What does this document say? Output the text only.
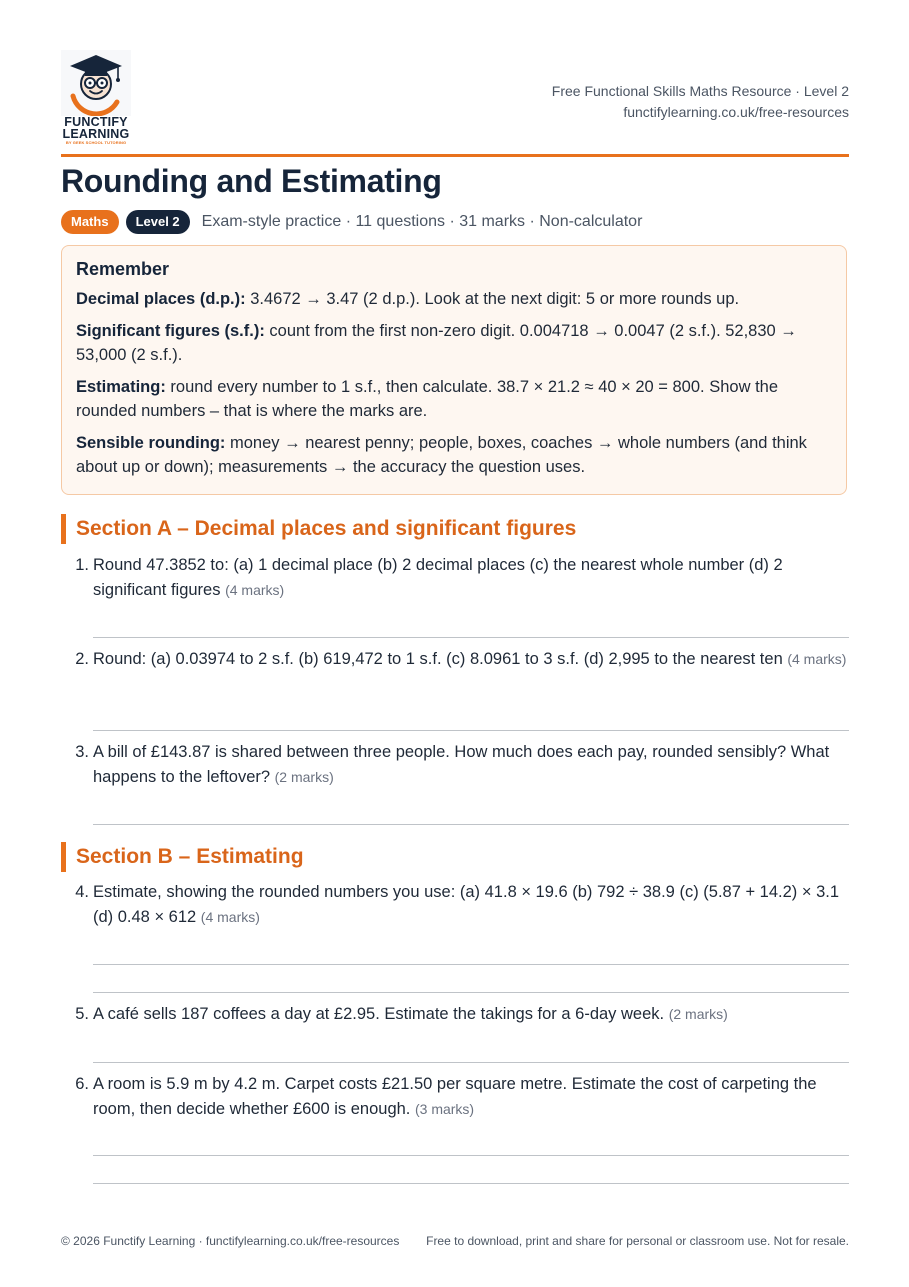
FUNCTIFY
LEARNING
BY GEEK SCHOOL TUTORING
Free Functional Skills Maths Resource · Level 2
functifylearning.co.uk/free-resources
Rounding and Estimating
Maths	Level 2	Exam-style practice · 11 questions · 31 marks · Non-calculator

Remember

Decimal places (d.p.): 3.4672 → 3.47 (2 d.p.). Look at the next digit: 5 or more rounds up.

Significant figures (s.f.): count from the first non-zero digit. 0.004718 → 0.0047 (2 s.f.). 52,830 → 53,000 (2 s.f.).

Estimating: round every number to 1 s.f., then calculate. 38.7 × 21.2 ≈ 40 × 20 = 800. Show the rounded numbers – that is where the marks are.

Sensible rounding: money → nearest penny; people, boxes, coaches → whole numbers (and think about up or down); measurements → the accuracy the question uses.

Section A – Decimal places and significant figures
1. Round 47.3852 to: (a) 1 decimal place (b) 2 decimal places (c) the nearest whole number (d) 2 significant figures (4 marks)
2. Round: (a) 0.03974 to 2 s.f. (b) 619,472 to 1 s.f. (c) 8.0961 to 3 s.f. (d) 2,995 to the nearest ten (4 marks)
3. A bill of £143.87 is shared between three people. How much does each pay, rounded sensibly? What happens to the leftover? (2 marks)
Section B – Estimating
4. Estimate, showing the rounded numbers you use: (a) 41.8 × 19.6 (b) 792 ÷ 38.9 (c) (5.87 + 14.2) × 3.1 (d) 0.48 × 612 (4 marks)
5. A café sells 187 coffees a day at £2.95. Estimate the takings for a 6-day week. (2 marks)
6. A room is 5.9 m by 4.2 m. Carpet costs £21.50 per square metre. Estimate the cost of carpeting the room, then decide whether £600 is enough. (3 marks)
© 2026 Functify Learning · functifylearning.co.uk/free-resources	Free to download, print and share for personal or classroom use. Not for resale.
